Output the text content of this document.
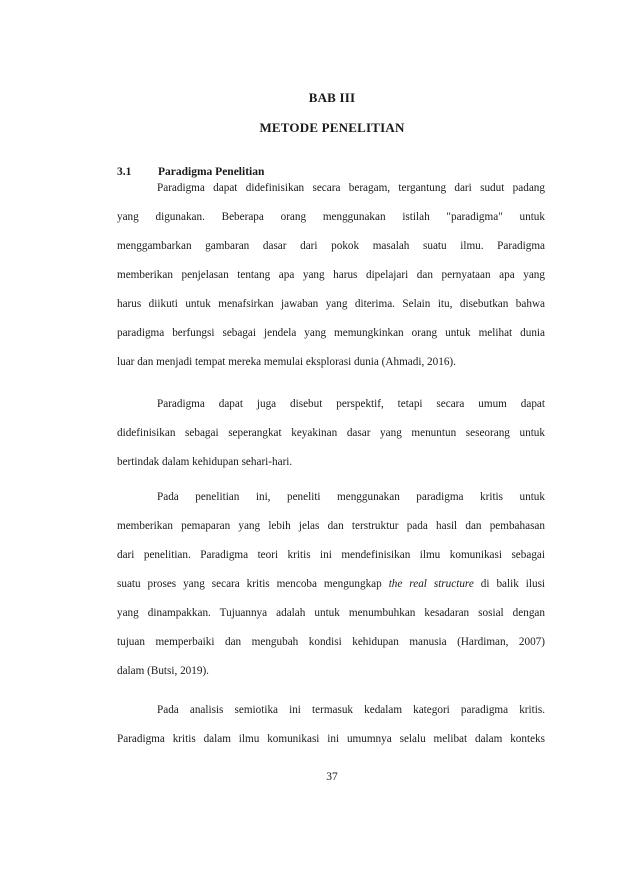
BAB III
METODE PENELITIAN
3.1 Paradigma Penelitian
Paradigma dapat didefinisikan secara beragam, tergantung dari sudut padang
yang digunakan. Beberapa orang menggunakan istilah "paradigma" untuk
menggambarkan gambaran dasar dari pokok masalah suatu ilmu. Paradigma
memberikan penjelasan tentang apa yang harus dipelajari dan pernyataan apa yang
harus diikuti untuk menafsirkan jawaban yang diterima. Selain itu, disebutkan bahwa
paradigma berfungsi sebagai jendela yang memungkinkan orang untuk melihat dunia
luar dan menjadi tempat mereka memulai eksplorasi dunia (Ahmadi, 2016).
Paradigma dapat juga disebut perspektif, tetapi secara umum dapat
didefinisikan sebagai seperangkat keyakinan dasar yang menuntun seseorang untuk
bertindak dalam kehidupan sehari-hari.
Pada penelitian ini, peneliti menggunakan paradigma kritis untuk
memberikan pemaparan yang lebih jelas dan terstruktur pada hasil dan pembahasan
dari penelitian. Paradigma teori kritis ini mendefinisikan ilmu komunikasi sebagai
suatu proses yang secara kritis mencoba mengungkap the real structure di balik ilusi
yang dinampakkan. Tujuannya adalah untuk menumbuhkan kesadaran sosial dengan
tujuan memperbaiki dan mengubah kondisi kehidupan manusia (Hardiman, 2007)
dalam (Butsi, 2019).
Pada analisis semiotika ini termasuk kedalam kategori paradigma kritis.
Paradigma kritis dalam ilmu komunikasi ini umumnya selalu melibat dalam konteks
37
